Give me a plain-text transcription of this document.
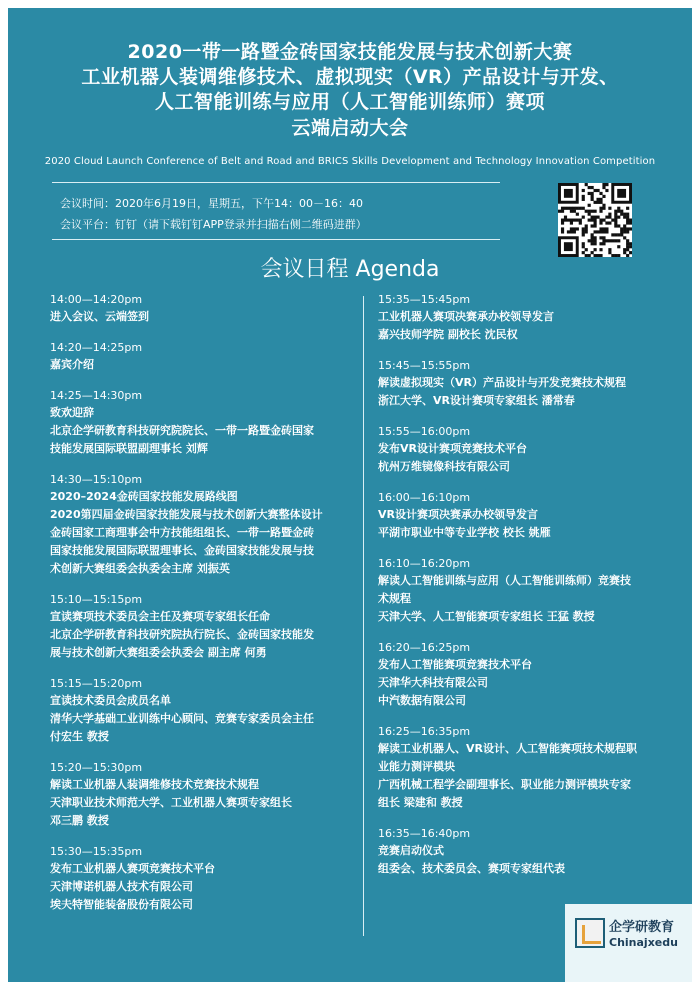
2020一带一路暨金砖国家技能发展与技术创新大赛
工业机器人装调维修技术、虚拟现实（VR）产品设计与开发、
人工智能训练与应用（人工智能训练师）赛项
云端启动大会
2020 Cloud Launch Conference of Belt and Road and BRICS Skills Development and Technology Innovation Competition
会议时间：2020年6月19日，星期五，下午14：00－16：40
会议平台：钉钉（请下载钉钉APP登录并扫描右侧二维码进群）
会议日程 Agenda
14:00—14:20pm
进入会议、云端签到
14:20—14:25pm
嘉宾介绍
14:25—14:30pm
致欢迎辞
北京企学研教育科技研究院院长、一带一路暨金砖国家
技能发展国际联盟副理事长 刘辉
14:30—15:10pm
2020–2024金砖国家技能发展路线图
2020第四届金砖国家技能发展与技术创新大赛整体设计
金砖国家工商理事会中方技能组组长、一带一路暨金砖
国家技能发展国际联盟理事长、金砖国家技能发展与技
术创新大赛组委会执委会主席 刘振英
15:10—15:15pm
宣读赛项技术委员会主任及赛项专家组长任命
北京企学研教育科技研究院执行院长、金砖国家技能发
展与技术创新大赛组委会执委会 副主席 何勇
15:15—15:20pm
宣读技术委员会成员名单
清华大学基础工业训练中心顾问、竞赛专家委员会主任
付宏生 教授
15:20—15:30pm
解读工业机器人装调维修技术竞赛技术规程
天津职业技术师范大学、工业机器人赛项专家组长
邓三鹏 教授
15:30—15:35pm
发布工业机器人赛项竞赛技术平台
天津博诺机器人技术有限公司
埃夫特智能装备股份有限公司
15:35—15:45pm
工业机器人赛项决赛承办校领导发言
嘉兴技师学院 副校长 沈民权
15:45—15:55pm
解读虚拟现实（VR）产品设计与开发竞赛技术规程
浙江大学、VR设计赛项专家组长 潘常春
15:55—16:00pm
发布VR设计赛项竞赛技术平台
杭州万维镜像科技有限公司
16:00—16:10pm
VR设计赛项决赛承办校领导发言
平湖市职业中等专业学校 校长 姚雁
16:10—16:20pm
解读人工智能训练与应用（人工智能训练师）竞赛技
术规程
天津大学、人工智能赛项专家组长 王猛 教授
16:20—16:25pm
发布人工智能赛项竞赛技术平台
天津华大科技有限公司
中汽数据有限公司
16:25—16:35pm
解读工业机器人、VR设计、人工智能赛项技术规程职
业能力测评模块
广西机械工程学会副理事长、职业能力测评模块专家
组长 梁建和 教授
16:35—16:40pm
竞赛启动仪式
组委会、技术委员会、赛项专家组代表
企学研教育
Chinajxedu
